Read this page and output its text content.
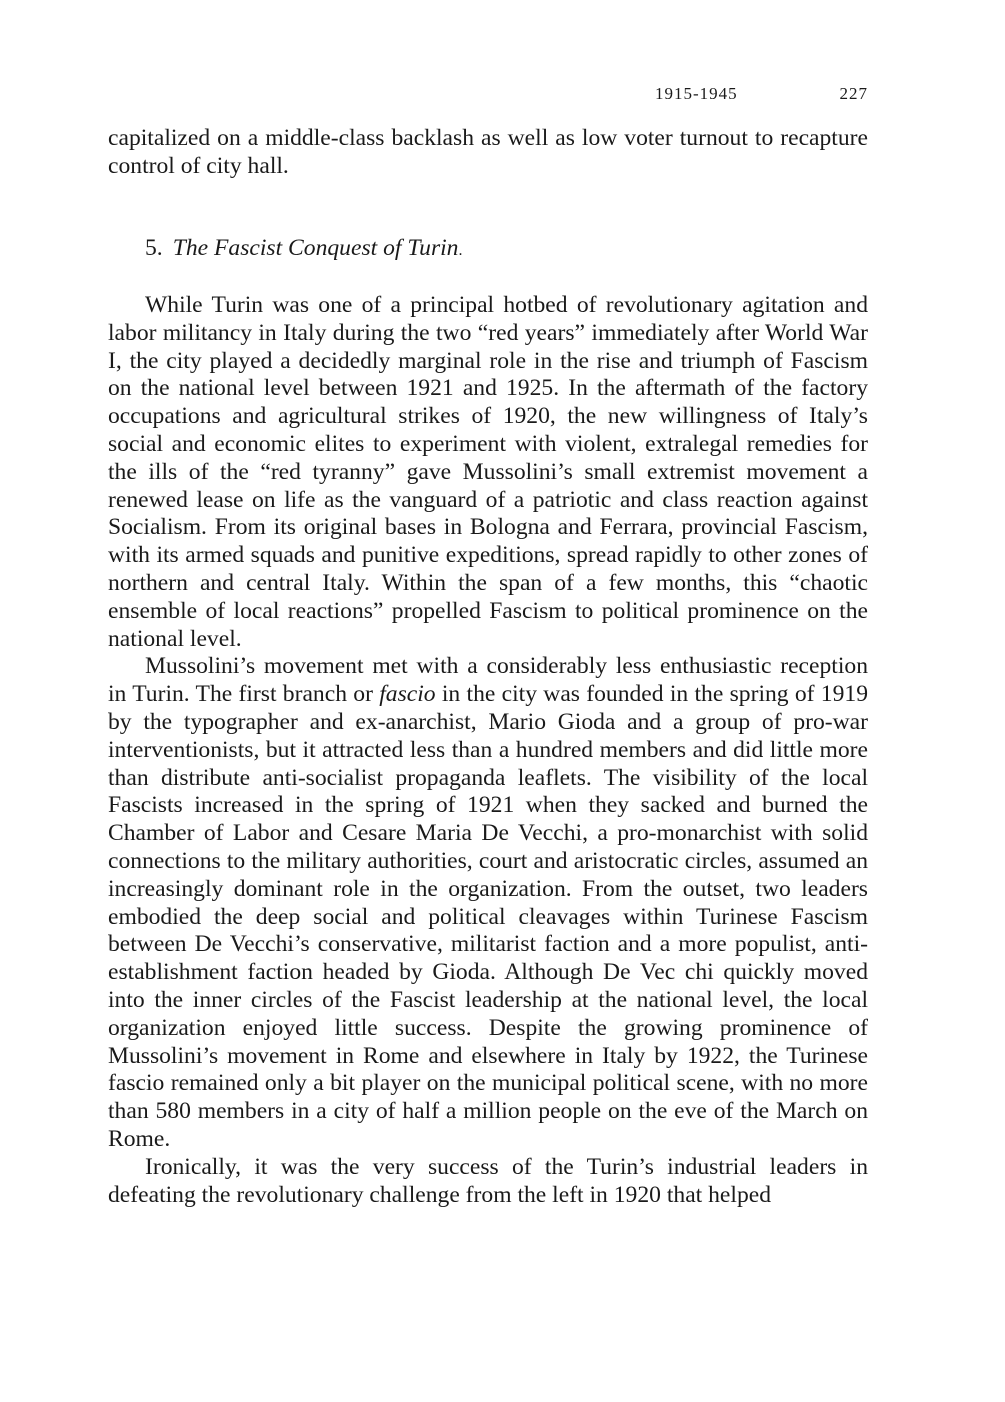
1915-1945	227

capitalized on a middle-class backlash as well as low voter turnout to recapture control of city hall.

5. The Fascist Conquest of Turin.

While Turin was one of a principal hotbed of revolutionary agitation and labor militancy in Italy during the two “red years” immediately after World War I, the city played a decidedly marginal role in the rise and triumph of Fascism on the national level between 1921 and 1925. In the aftermath of the factory occupations and agricultural strikes of 1920, the new willingness of Italy’s social and economic elites to experiment with violent, extralegal remedies for the ills of the “red tyranny” gave Mussolini’s small extremist movement a renewed lease on life as the vanguard of a patriotic and class reaction against Socialism. From its original bases in Bologna and Ferrara, provincial Fascism, with its armed squads and punitive expeditions, spread rapidly to other zones of northern and central Italy. Within the span of a few months, this “chaotic ensemble of local reactions” propelled Fascism to political prominence on the national level.

Mussolini’s movement met with a considerably less enthusiastic reception in Turin. The first branch or fascio in the city was founded in the spring of 1919 by the typographer and ex-anarchist, Mario Gioda and a group of pro-war interventionists, but it attracted less than a hundred members and did little more than distribute anti-socialist propaganda leaflets. The visibility of the local Fascists increased in the spring of 1921 when they sacked and burned the Chamber of Labor and Cesare Maria De Vecchi, a pro-monarchist with solid connections to the military authorities, court and aristocratic circles, assumed an increasingly dominant role in the organization. From the outset, two leaders embodied the deep social and political cleavages within Turinese Fascism between De Vecchi’s conservative, militarist faction and a more populist, anti-establishment faction headed by Gioda. Although De Vec chi quickly moved into the inner circles of the Fascist leadership at the national level, the local organization enjoyed little success. Despite the growing prominence of Mussolini’s movement in Rome and elsewhere in Italy by 1922, the Turinese fascio remained only a bit player on the municipal political scene, with no more than 580 members in a city of half a million people on the eve of the March on Rome.

Ironically, it was the very success of the Turin’s industrial leaders in defeating the revolutionary challenge from the left in 1920 that helped
